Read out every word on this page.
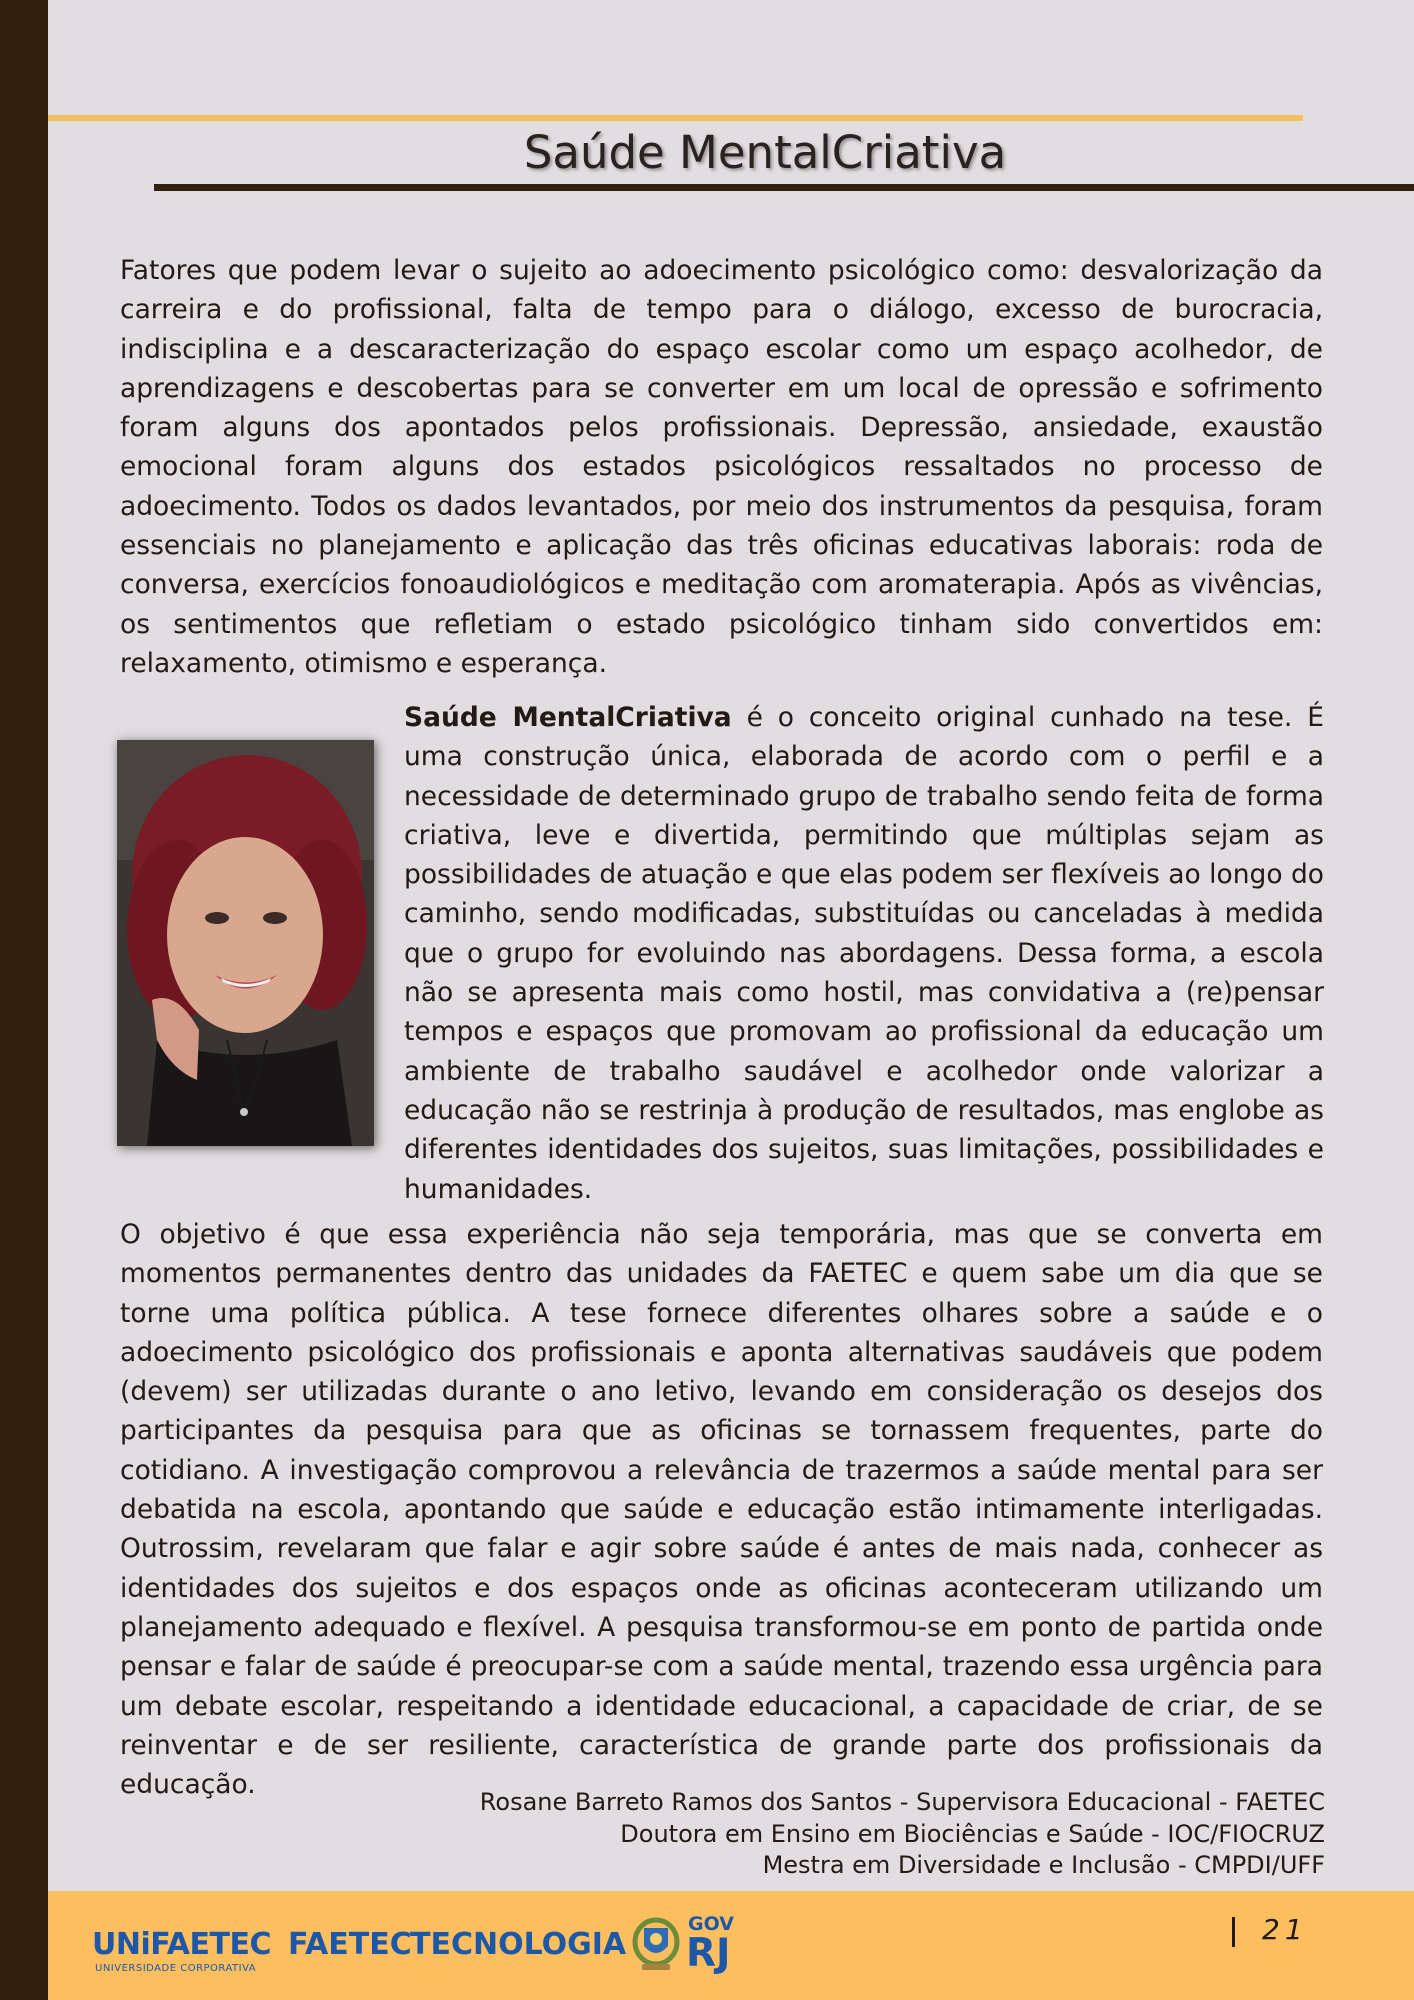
Saúde MentalCriativa

Fatores que podem levar o sujeito ao adoecimento psicológico como: desvalorização da carreira e do profissional, falta de tempo para o diálogo, excesso de burocracia, indisciplina e a descaracterização do espaço escolar como um espaço acolhedor, de aprendizagens e descobertas para se converter em um local de opressão e sofrimento foram alguns dos apontados pelos profissionais. Depressão, ansiedade, exaustão emocional foram alguns dos estados psicológicos ressaltados no processo de adoecimento. Todos os dados levantados, por meio dos instrumentos da pesquisa, foram essenciais no planejamento e aplicação das três oficinas educativas laborais: roda de conversa, exercícios fonoaudiológicos e meditação com aromaterapia. Após as vivências, os sentimentos que refletiam o estado psicológico tinham sido convertidos em: relaxamento, otimismo e esperança.

Saúde MentalCriativa é o conceito original cunhado na tese. É uma construção única, elaborada de acordo com o perfil e a necessidade de determinado grupo de trabalho sendo feita de forma criativa, leve e divertida, permitindo que múltiplas sejam as possibilidades de atuação e que elas podem ser flexíveis ao longo do caminho, sendo modificadas, substituídas ou canceladas à medida que o grupo for evoluindo nas abordagens. Dessa forma, a escola não se apresenta mais como hostil, mas convidativa a (re)pensar tempos e espaços que promovam ao profissional da educação um ambiente de trabalho saudável e acolhedor onde valorizar a educação não se restrinja à produção de resultados, mas englobe as diferentes identidades dos sujeitos, suas limitações, possibilidades e humanidades.

O objetivo é que essa experiência não seja temporária, mas que se converta em momentos permanentes dentro das unidades da FAETEC e quem sabe um dia que se torne uma política pública. A tese fornece diferentes olhares sobre a saúde e o adoecimento psicológico dos profissionais e aponta alternativas saudáveis que podem (devem) ser utilizadas durante o ano letivo, levando em consideração os desejos dos participantes da pesquisa para que as oficinas se tornassem frequentes, parte do cotidiano. A investigação comprovou a relevância de trazermos a saúde mental para ser debatida na escola, apontando que saúde e educação estão intimamente interligadas. Outrossim, revelaram que falar e agir sobre saúde é antes de mais nada, conhecer as identidades dos sujeitos e dos espaços onde as oficinas aconteceram utilizando um planejamento adequado e flexível. A pesquisa transformou-se em ponto de partida onde pensar e falar de saúde é preocupar-se com a saúde mental, trazendo essa urgência para um debate escolar, respeitando a identidade educacional, a capacidade de criar, de se reinventar e de ser resiliente, característica de grande parte dos profissionais da educação.

Rosane Barreto Ramos dos Santos - Supervisora Educacional - FAETEC
Doutora em Ensino em Biociências e Saúde - IOC/FIOCRUZ
Mestra em Diversidade e Inclusão - CMPDI/UFF
UNiFAETEC
UNIVERSIDADE CORPORATIVA
FAETEC
TECNOLOGIA
GOV
RJ
21
